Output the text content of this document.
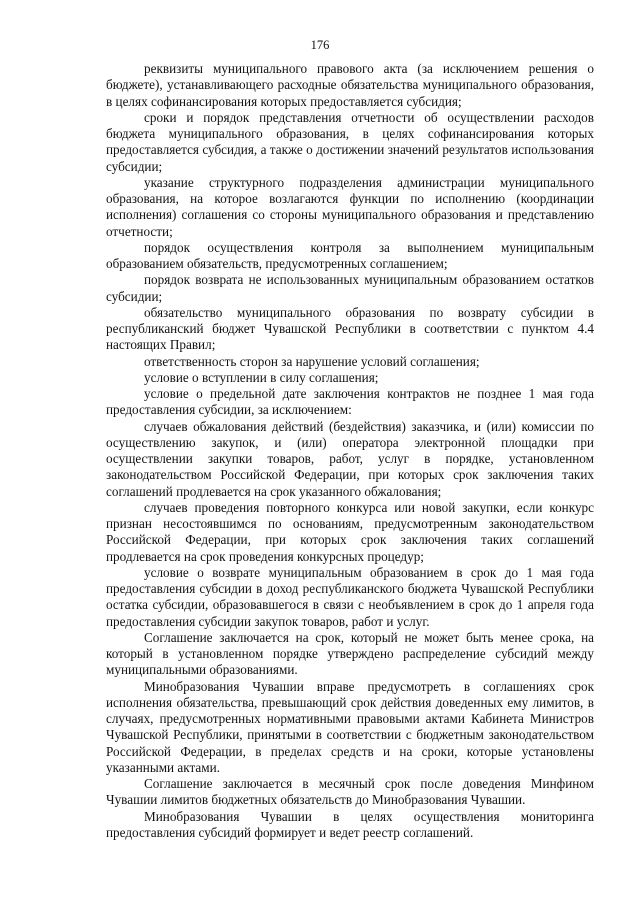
176

реквизиты муниципального правового акта (за исключением решения о бюджете), устанавливающего расходные обязательства муниципального образования, в целях софинансирования которых предоставляется субсидия;

сроки и порядок представления отчетности об осуществлении расходов бюджета муниципального образования, в целях софинансирования которых предоставляется субсидия, а также о достижении значений результатов использования субсидии;

указание структурного подразделения администрации муниципального образования, на которое возлагаются функции по исполнению (координации исполнения) соглашения со стороны муниципального образования и представлению отчетности;

порядок осуществления контроля за выполнением муниципальным образованием обязательств, предусмотренных соглашением;

порядок возврата не использованных муниципальным образованием остатков субсидии;

обязательство муниципального образования по возврату субсидии в республиканский бюджет Чувашской Республики в соответствии с пунктом 4.4 настоящих Правил;

ответственность сторон за нарушение условий соглашения;

условие о вступлении в силу соглашения;

условие о предельной дате заключения контрактов не позднее 1 мая года предоставления субсидии, за исключением:

случаев обжалования действий (бездействия) заказчика, и (или) комиссии по осуществлению закупок, и (или) оператора электронной площадки при осуществлении закупки товаров, работ, услуг в порядке, установленном законодательством Российской Федерации, при которых срок заключения таких соглашений продлевается на срок указанного обжалования;

случаев проведения повторного конкурса или новой закупки, если конкурс признан несостоявшимся по основаниям, предусмотренным законодательством Российской Федерации, при которых срок заключения таких соглашений продлевается на срок проведения конкурсных процедур;

условие о возврате муниципальным образованием в срок до 1 мая года предоставления субсидии в доход республиканского бюджета Чувашской Республики остатка субсидии, образовавшегося в связи с необъявлением в срок до 1 апреля года предоставления субсидии закупок товаров, работ и услуг.

Соглашение заключается на срок, который не может быть менее срока, на который в установленном порядке утверждено распределение субсидий между муниципальными образованиями.

Минобразования Чувашии вправе предусмотреть в соглашениях срок исполнения обязательства, превышающий срок действия доведенных ему лимитов, в случаях, предусмотренных нормативными правовыми актами Кабинета Министров Чувашской Республики, принятыми в соответствии с бюджетным законодательством Российской Федерации, в пределах средств и на сроки, которые установлены указанными актами.

Соглашение заключается в месячный срок после доведения Минфином Чувашии лимитов бюджетных обязательств до Минобразования Чувашии.

Минобразования Чувашии в целях осуществления мониторинга предоставления субсидий формирует и ведет реестр соглашений.
